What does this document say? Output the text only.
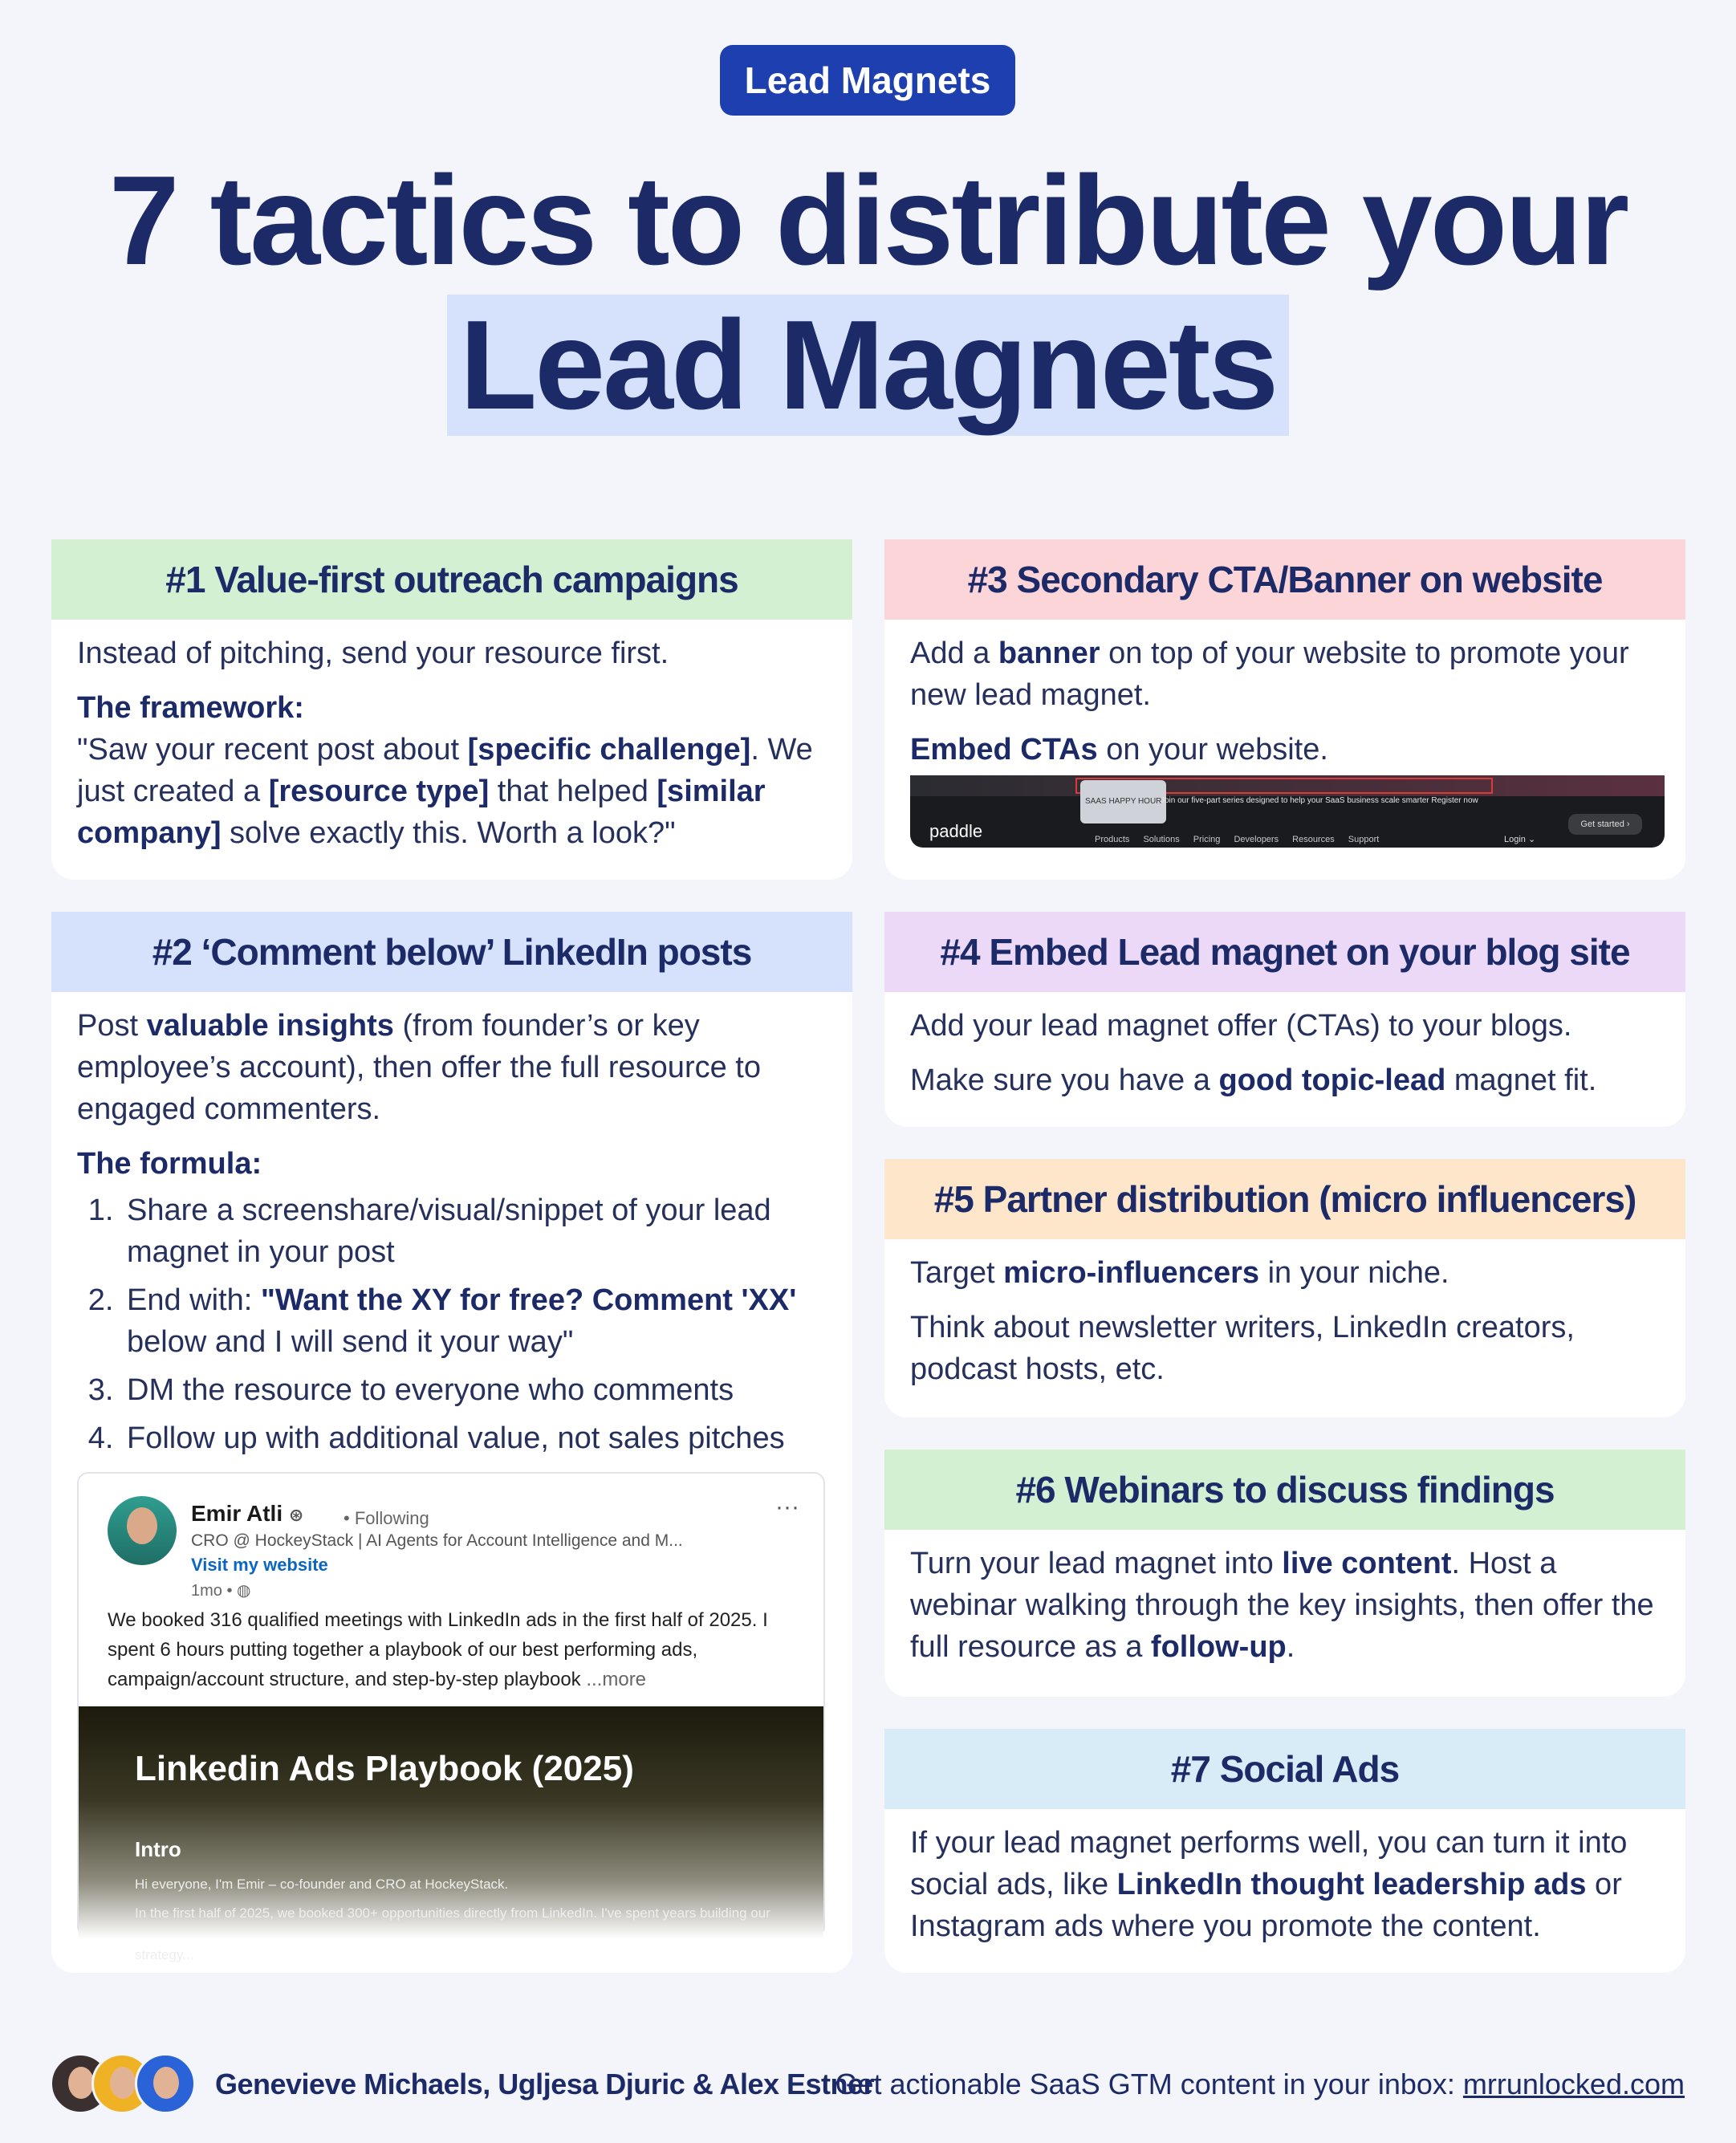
Lead Magnets
7 tactics to distribute your
Lead Magnets
#1 Value-first outreach campaigns

Instead of pitching, send your resource first.

The framework:

"Saw your recent post about [specific challenge]. We just created a [resource type] that helped [similar company] solve exactly this. Worth a look?"

#2 ‘Comment below’ LinkedIn posts

Post valuable insights (from founder’s or key employee’s account), then offer the full resource to engaged commenters.

The formula:

1. Share a screenshare/visual/snippet of your lead magnet in your post
2. End with: "Want the XY for free? Comment 'XX' below and I will send it your way"
3. DM the resource to everyone who comments
4. Follow up with additional value, not sales pitches
Emir Atli ⊛ • Following	···
CRO @ HockeyStack | AI Agents for Account Intelligence and M...
Visit my website
1mo • ◍
We booked 316 qualified meetings with LinkedIn ads in the first half of 2025. I spent 6 hours putting together a playbook of our best performing ads, campaign/account structure, and step-by-step playbook ...more
Linkedin Ads Playbook (2025)
Intro
Hi everyone, I'm Emir – co-founder and CRO at HockeyStack.
In the first half of 2025, we booked 300+ opportunities directly from LinkedIn. I've spent years building our strategy...
#3 Secondary CTA/Banner on website

Add a banner on top of your website to promote your new lead magnet.

Embed CTAs on your website.

SAAS HAPPY HOUR
Join our five-part series designed to help your SaaS business scale smarter Register now
paddle	Products Solutions Pricing Developers Resources Support	Login ⌄
Get started ›
#4 Embed Lead magnet on your blog site

Add your lead magnet offer (CTAs) to your blogs.

Make sure you have a good topic-lead magnet fit.

#5 Partner distribution (micro influencers)

Target micro-influencers in your niche.

Think about newsletter writers, LinkedIn creators, podcast hosts, etc.

#6 Webinars to discuss findings

Turn your lead magnet into live content. Host a webinar walking through the key insights, then offer the full resource as a follow-up.

#7 Social Ads

If your lead magnet performs well, you can turn it into social ads, like LinkedIn thought leadership ads or Instagram ads where you promote the content.

Genevieve Michaels, Ugljesa Djuric & Alex Estner
Get actionable SaaS GTM content in your inbox: mrrunlocked.com
